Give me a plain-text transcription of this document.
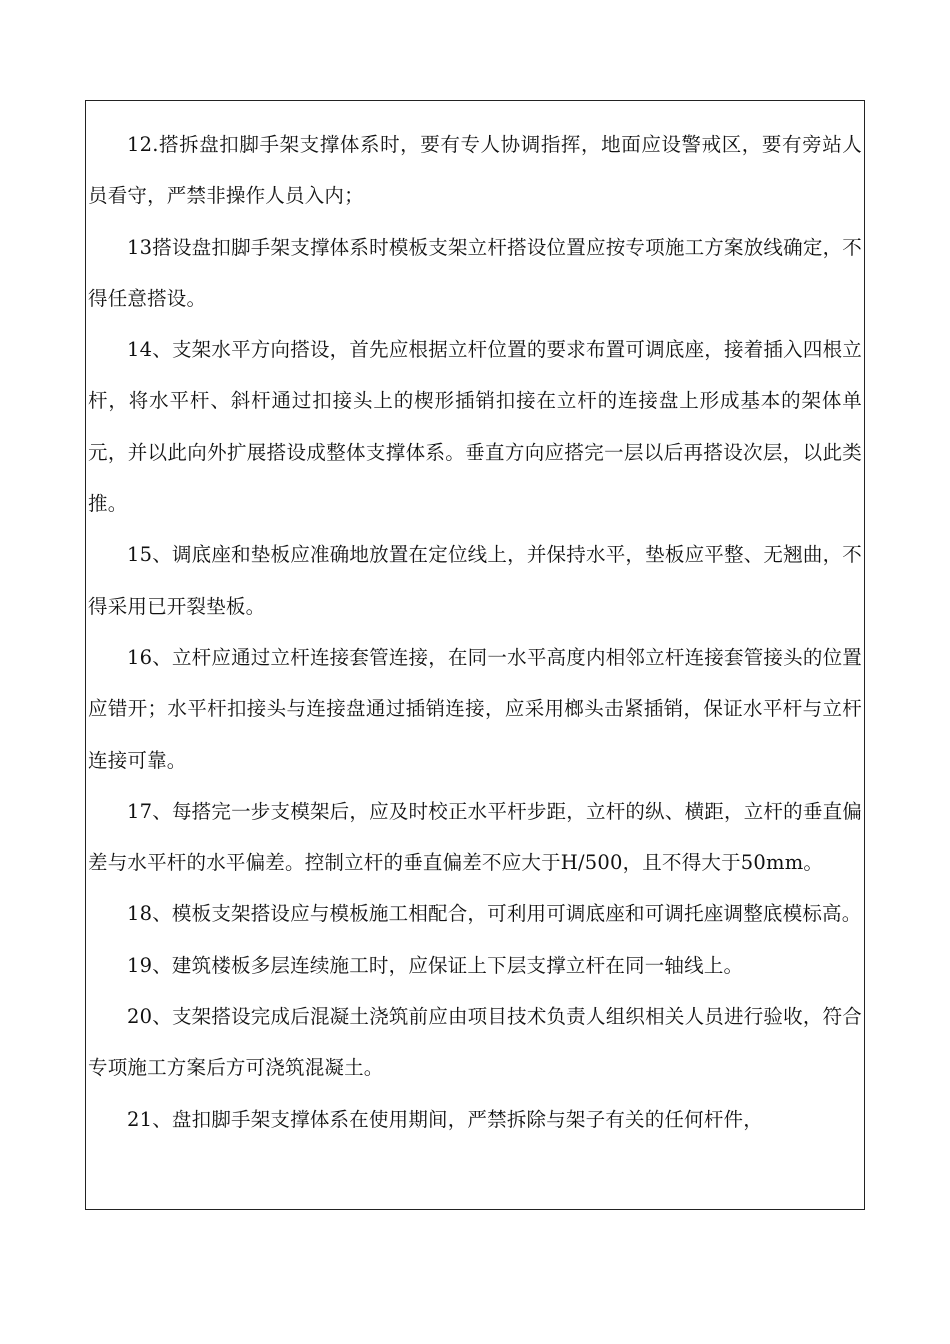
12.搭拆盘扣脚手架支撑体系时，要有专人协调指挥，地面应设警戒区，要有旁站人员看守，严禁非操作人员入内；

13搭设盘扣脚手架支撑体系时模板支架立杆搭设位置应按专项施工方案放线确定，不得任意搭设。

14、支架水平方向搭设，首先应根据立杆位置的要求布置可调底座，接着插入四根立杆，将水平杆、斜杆通过扣接头上的楔形插销扣接在立杆的连接盘上形成基本的架体单元，并以此向外扩展搭设成整体支撑体系。垂直方向应搭完一层以后再搭设次层，以此类推。

15、调底座和垫板应准确地放置在定位线上，并保持水平，垫板应平整、无翘曲，不得采用已开裂垫板。

16、立杆应通过立杆连接套管连接，在同一水平高度内相邻立杆连接套管接头的位置应错开；水平杆扣接头与连接盘通过插销连接，应采用榔头击紧插销，保证水平杆与立杆连接可靠。

17、每搭完一步支模架后，应及时校正水平杆步距，立杆的纵、横距，立杆的垂直偏差与水平杆的水平偏差。控制立杆的垂直偏差不应大于H/500，且不得大于50mm。

18、模板支架搭设应与模板施工相配合，可利用可调底座和可调托座调整底模标高。

19、建筑楼板多层连续施工时，应保证上下层支撑立杆在同一轴线上。

20、支架搭设完成后混凝土浇筑前应由项目技术负责人组织相关人员进行验收，符合专项施工方案后方可浇筑混凝土。

21、盘扣脚手架支撑体系在使用期间，严禁拆除与架子有关的任何杆件，
